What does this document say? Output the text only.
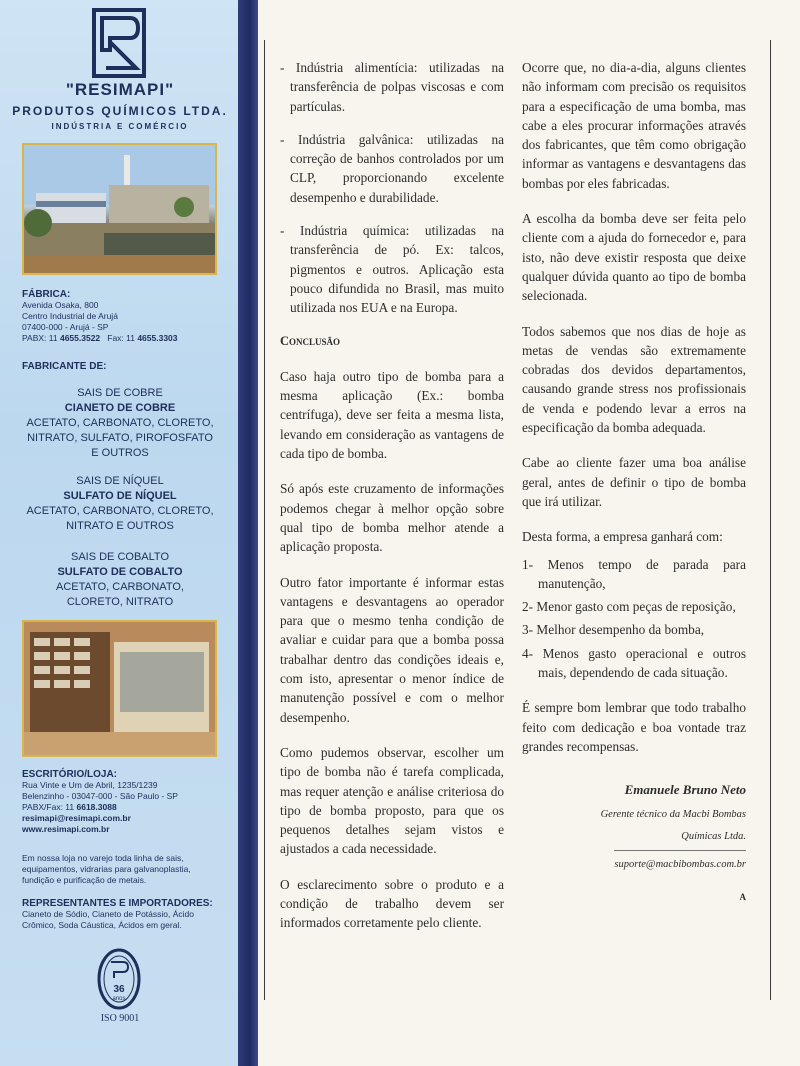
"RESIMAPI"
PRODUTOS QUÍMICOS LTDA.
INDÚSTRIA E COMÉRCIO
FÁBRICA:
Avenida Osaka, 800
Centro Industrial de Arujá
07400-000 - Arujá - SP
PABX: 11 4655.3522 Fax: 11 4655.3303
FABRICANTE DE:
SAIS DE COBRE
CIANETO DE COBRE
ACETATO, CARBONATO, CLORETO,
NITRATO, SULFATO, PIROFOSFATO
E OUTROS
SAIS DE NÍQUEL
SULFATO DE NÍQUEL
ACETATO, CARBONATO, CLORETO,
NITRATO E OUTROS
SAIS DE COBALTO
SULFATO DE COBALTO
ACETATO, CARBONATO,
CLORETO, NITRATO
ESCRITÓRIO/LOJA:
Rua Vinte e Um de Abril, 1235/1239
Belenzinho - 03047-000 - São Paulo - SP
PABX/Fax: 11 6618.3088
resimapi@resimapi.com.br
www.resimapi.com.br
Em nossa loja no varejo toda linha de sais,
equipamentos, vidrarias para galvanoplastia,
fundição e purificação de metais.
REPRESENTANTES E IMPORTADORES:
Cianeto de Sódio, Cianeto de Potássio, Ácido
Crômico, Soda Cáustica, Ácidos em geral.
36
anos
ISO 9001

- Indústria alimentícia: utilizadas na transferência de polpas viscosas e com partículas.

- Indústria galvânica: utilizadas na correção de banhos controlados por um CLP, proporcionando excelente desempenho e durabilidade.

- Indústria química: utilizadas na transferência de pó. Ex: talcos, pigmentos e outros. Aplicação esta pouco difundida no Brasil, mas muito utilizada nos EUA e na Europa.

Conclusão

Caso haja outro tipo de bomba para a mesma aplicação (Ex.: bomba centrífuga), deve ser feita a mesma lista, levando em consideração as vantagens de cada tipo de bomba.

Só após este cruzamento de informações podemos chegar à melhor opção sobre qual tipo de bomba melhor atende a aplicação proposta.

Outro fator importante é informar estas vantagens e desvantagens ao operador para que o mesmo tenha condição de avaliar e cuidar para que a bomba possa trabalhar dentro das condições ideais e, com isto, apresentar o menor índice de manutenção possível e com o melhor desempenho.

Como pudemos observar, escolher um tipo de bomba não é tarefa complicada, mas requer atenção e análise criteriosa do tipo de bomba proposto, para que os pequenos detalhes sejam vistos e ajustados a cada necessidade.

O esclarecimento sobre o produto e a condição de trabalho devem ser informados corretamente pelo cliente.

Ocorre que, no dia-a-dia, alguns clientes não informam com precisão os requisitos para a especificação de uma bomba, mas cabe a eles procurar informações através dos fabricantes, que têm como obrigação informar as vantagens e desvantagens das bombas por eles fabricadas.

A escolha da bomba deve ser feita pelo cliente com a ajuda do fornecedor e, para isto, não deve existir resposta que deixe qualquer dúvida quanto ao tipo de bomba selecionada.

Todos sabemos que nos dias de hoje as metas de vendas são extremamente cobradas dos devidos departamentos, causando grande stress nos profissionais de venda e podendo levar a erros na especificação da bomba adequada.

Cabe ao cliente fazer uma boa análise geral, antes de definir o tipo de bomba que irá utilizar.

Desta forma, a empresa ganhará com:

1- Menos tempo de parada para manutenção,
2- Menor gasto com peças de reposição,
3- Melhor desempenho da bomba,
4- Menos gasto operacional e outros mais, dependendo de cada situação.

É sempre bom lembrar que todo trabalho feito com dedicação e boa vontade traz grandes recompensas.

Emanuele Bruno Neto
Gerente técnico da Macbi Bombas
Químicas Ltda.
suporte@macbibombas.com.br
A
